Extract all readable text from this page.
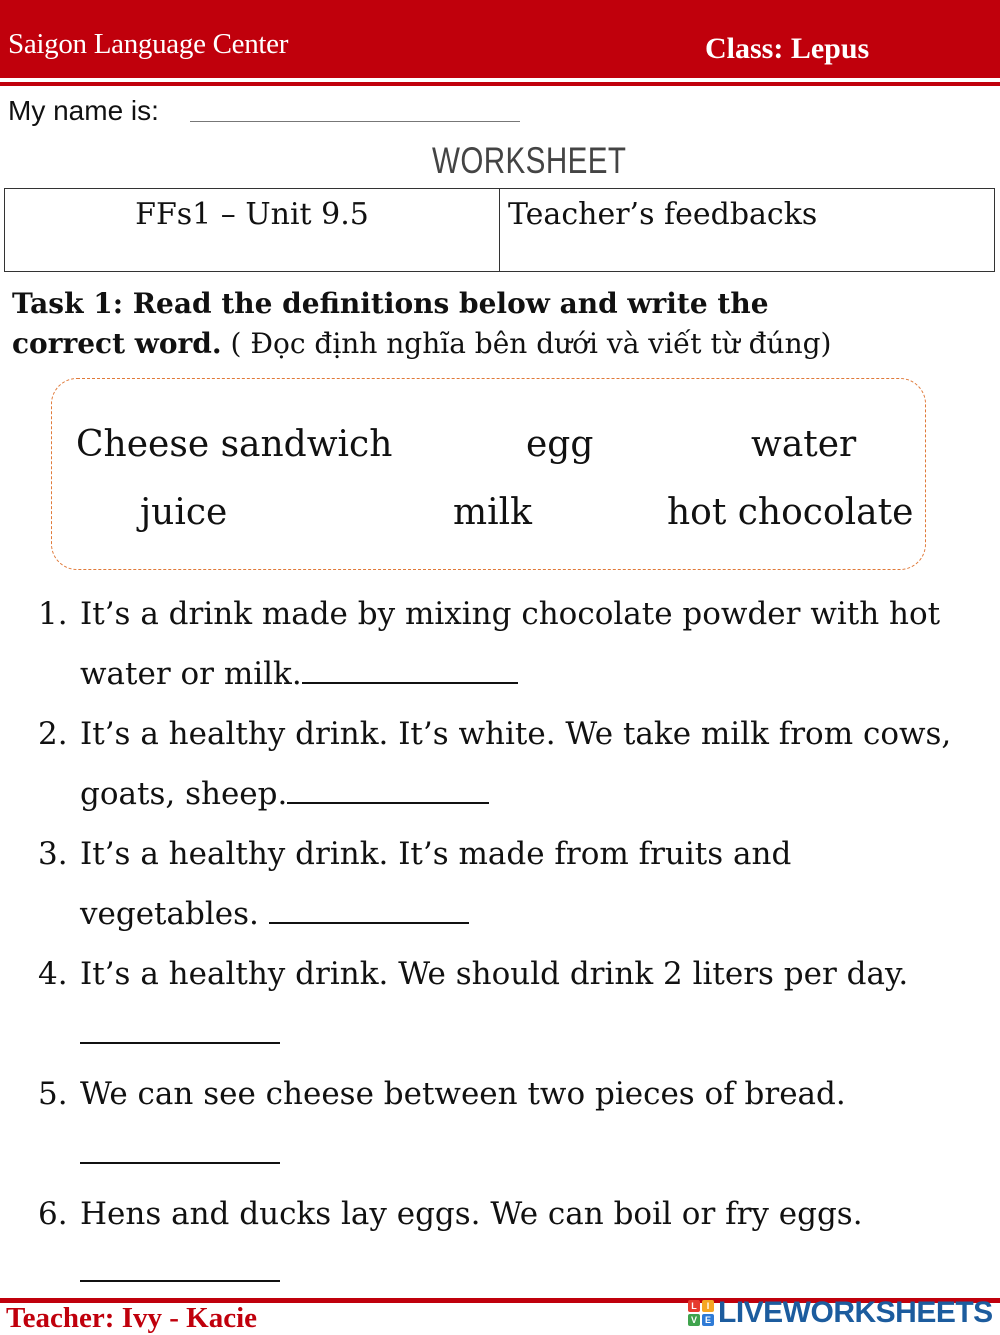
Saigon Language Center	Class: Lepus
My name is:
WORKSHEET
FFs1 – Unit 9.5	Teacher’s feedbacks
Task 1: Read the definitions below and write the
correct word. ( Đọc định nghĩa bên dưới và viết từ đúng)
Cheese sandwich	egg	water
juice	milk	hot chocolate
1. It’s a drink made by mixing chocolate powder with hot
water or milk.
2. It’s a healthy drink. It’s white. We take milk from cows,
goats, sheep.
3. It’s a healthy drink. It’s made from fruits and
vegetables.
4. It’s a healthy drink. We should drink 2 liters per day.
5. We can see cheese between two pieces of bread.
6. Hens and ducks lay eggs. We can boil or fry eggs.
Teacher: Ivy - Kacie	L	I
V E LIVEWORKSHEETS
